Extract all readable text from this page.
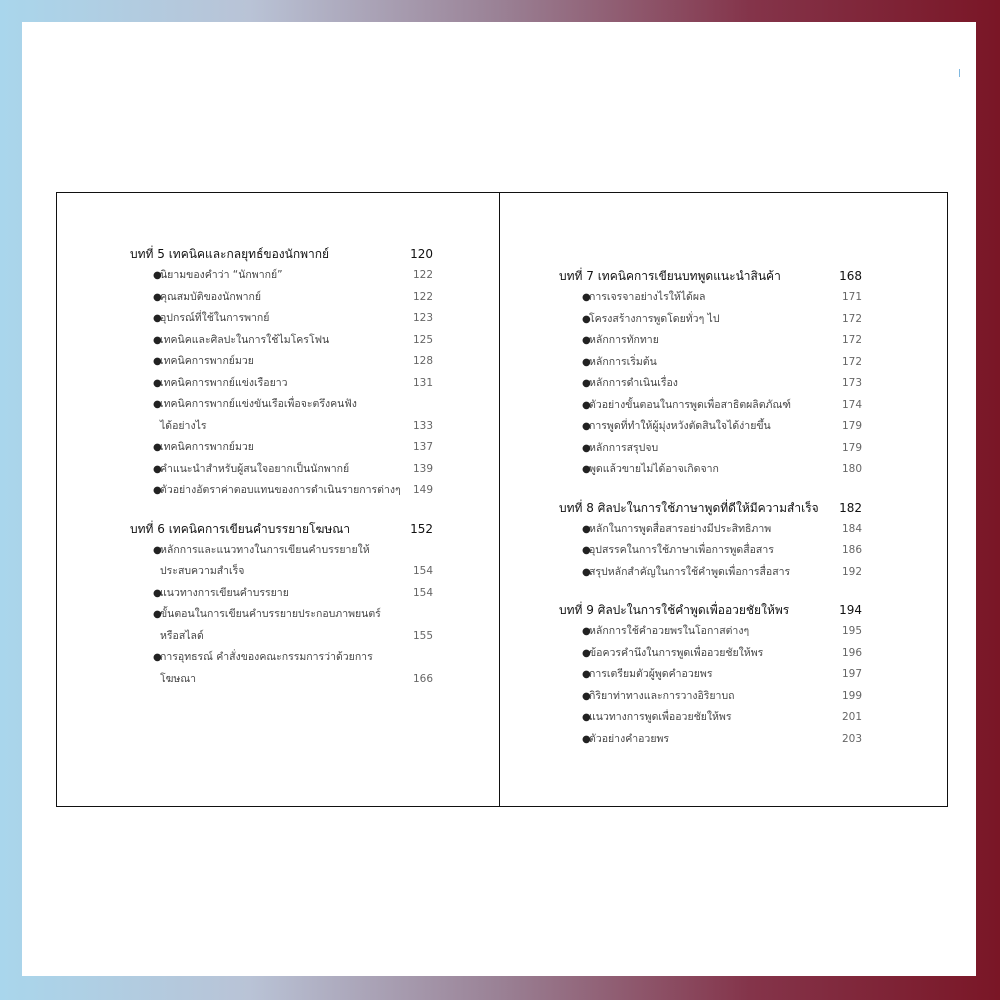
บทที่ 5 เทคนิคและกลยุทธ์ของนักพากย์	120
●
นิยามของคำว่า “นักพากย์”	122
●
คุณสมบัติของนักพากย์	122
●
อุปกรณ์ที่ใช้ในการพากย์	123
●
เทคนิคและศิลปะในการใช้ไมโครโฟน	125
●
เทคนิคการพากย์มวย	128
●
เทคนิคการพากย์แข่งเรือยาว	131
●
เทคนิคการพากย์แข่งขันเรือเพื่อจะตรึงคนฟัง
ได้อย่างไร	133
●
เทคนิคการพากย์มวย	137
●
คำแนะนำสำหรับผู้สนใจอยากเป็นนักพากย์	139
●
ตัวอย่างอัตราค่าตอบแทนของการดำเนินรายการต่างๆ	149
บทที่ 6 เทคนิคการเขียนคำบรรยายโฆษณา	152
●
หลักการและแนวทางในการเขียนคำบรรยายให้
ประสบความสำเร็จ	154
●
แนวทางการเขียนคำบรรยาย	154
●
ขั้นตอนในการเขียนคำบรรยายประกอบภาพยนตร์
หรือสไลด์	155
●
การอุทธรณ์ คำสั่งของคณะกรรมการว่าด้วยการ
โฆษณา	166
บทที่ 7 เทคนิคการเขียนบทพูดแนะนำสินค้า	168
●
การเจรจาอย่างไรให้ได้ผล	171
●
โครงสร้างการพูดโดยทั่วๆ ไป	172
●
หลักการทักทาย	172
●
หลักการเริ่มต้น	172
●
หลักการดำเนินเรื่อง	173
●
ตัวอย่างขั้นตอนในการพูดเพื่อสาธิตผลิตภัณฑ์	174
●
การพูดที่ทำให้ผู้มุ่งหวังตัดสินใจได้ง่ายขึ้น	179
●
หลักการสรุปจบ	179
●
พูดแล้วขายไม่ได้อาจเกิดจาก	180
บทที่ 8 ศิลปะในการใช้ภาษาพูดที่ดีให้มีความสำเร็จ 182
●
หลักในการพูดสื่อสารอย่างมีประสิทธิภาพ	184
●
อุปสรรคในการใช้ภาษาเพื่อการพูดสื่อสาร	186
●
สรุปหลักสำคัญในการใช้คำพูดเพื่อการสื่อสาร	192
บทที่ 9 ศิลปะในการใช้คำพูดเพื่ออวยชัยให้พร	194
●
หลักการใช้คำอวยพรในโอกาสต่างๆ	195
●
ข้อควรคำนึงในการพูดเพื่ออวยชัยให้พร	196
●
การเตรียมตัวผู้พูดคำอวยพร	197
●
กิริยาท่าทางและการวางอิริยาบถ	199
●
แนวทางการพูดเพื่ออวยชัยให้พร	201
●
ตัวอย่างคำอวยพร	203
